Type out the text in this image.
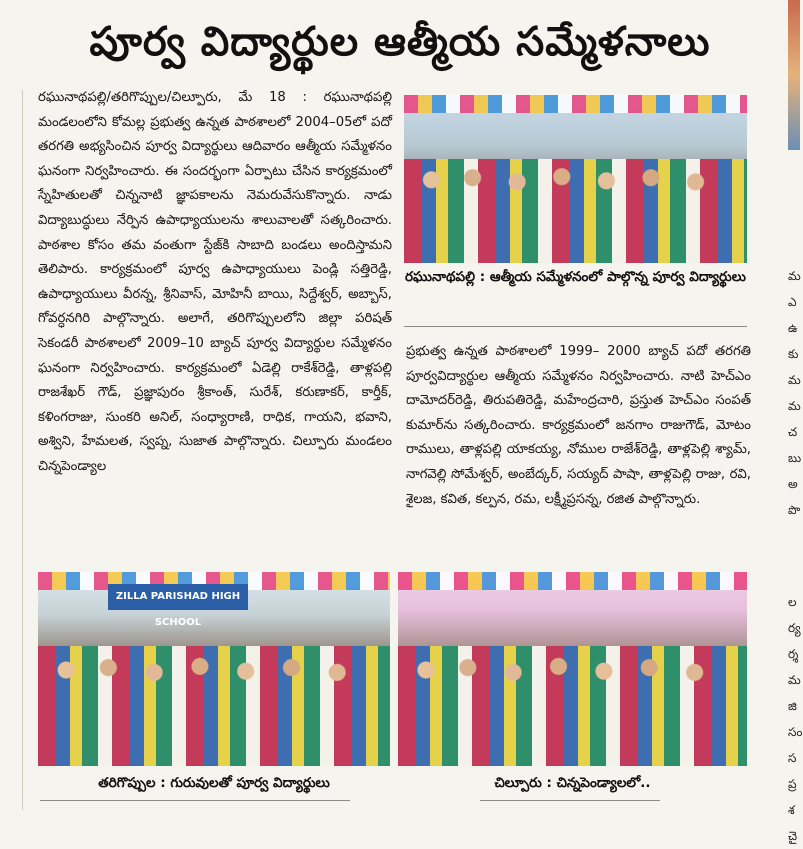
పూర్వ విద్యార్థుల ఆత్మీయ సమ్మేళనాలు

రఘునాథపల్లి/తరిగొప్పుల/చిల్పూరు, మే 18 : రఘునాథపల్లి మండలంలోని కోమల్ల ప్రభుత్వ ఉన్నత పాఠశాలలో 2004–05లో పదో తరగతి అభ్యసించిన పూర్వ విద్యార్థులు ఆదివారం ఆత్మీయ సమ్మేళనం ఘనంగా నిర్వహించారు. ఈ సందర్భంగా ఏర్పాటు చేసిన కార్యక్రమంలో స్నేహితులతో చిన్ననాటి జ్ఞాపకాలను నెమరువేసుకొన్నారు. నాడు విద్యాబుద్ధులు నేర్పిన ఉపాధ్యాయులను శాలువాలతో సత్కరించారు. పాఠశాల కోసం తమ వంతుగా స్టేజ్‌కి సాబాది బండలు అందిస్తామని తెలిపారు. కార్యక్రమంలో పూర్వ ఉపాధ్యాయులు పెండ్లి సత్తిరెడ్డి, ఉపాధ్యాయులు వీరన్న, శ్రీనివాస్, మోహినీ బాయి, సిద్దేశ్వర్, అబ్బాస్, గోవర్ధనగిరి పాల్గొన్నారు. అలాగే, తరిగొప్పులలోని జిల్లా పరిషత్ సెకండరీ పాఠశాలలో 2009–10 బ్యాచ్ పూర్వ విద్యార్థుల సమ్మేళనం ఘనంగా నిర్వహించారు. కార్యక్రమంలో ఏడెల్లి రాకేశ్‌రెడ్డి, తాళ్లపల్లి రాజశేఖర్ గౌడ్, ప్రజ్ఞాపురం శ్రీకాంత్, సురేశ్, కరుణాకర్, కార్తీక్, కళింగరాజు, సుంకరి అనిల్, సంధ్యారాణి, రాధిక, గాయని, భవాని, అశ్విని, హేమలత, స్వప్న, సుజాత పాల్గొన్నారు. చిల్పూరు మండలం చిన్నపెండ్యాల

రఘునాథపల్లి : ఆత్మీయ సమ్మేళనంలో పాల్గొన్న పూర్వ విద్యార్థులు

ప్రభుత్వ ఉన్నత పాఠశాలలో 1999– 2000 బ్యాచ్ పదో తరగతి పూర్వవిద్యార్థుల ఆత్మీయ సమ్మేళనం నిర్వహించారు. నాటి హెచ్‌ఎం దామోదర్‌రెడ్డి, తిరుపతిరెడ్డి, మహేంద్రచారి, ప్రస్తుత హెచ్‌ఎం సంపత్ కుమార్‌ను సత్కరించారు. కార్యక్రమంలో జనగాం రాజుగౌడ్, మోటం రాములు, తాళ్లపల్లి యాకయ్య, నోముల రాజేశ్‌రెడ్డి, తాళ్లపెల్లి శ్యామ్, నాగవెల్లి సోమేశ్వర్, అంబేద్కర్, సయ్యద్ పాషా, తాళ్లపెల్లి రాజు, రవి, శైలజ, కవిత, కల్పన, రమ, లక్ష్మీప్రసన్న, రజిత పాల్గొన్నారు.

ZILLA PARISHAD HIGH SCHOOL
తరిగొప్పుల : గురువులతో పూర్వ విద్యార్థులు	చిల్పూరు : చిన్నపెండ్యాలలో..
మ
ఎ
ఉ
కు
మ
మ
చ
బు
అ
పొ
ల
ర్య
ర్శ
మ
జి
సం
స
ప్ర
శ
చై
